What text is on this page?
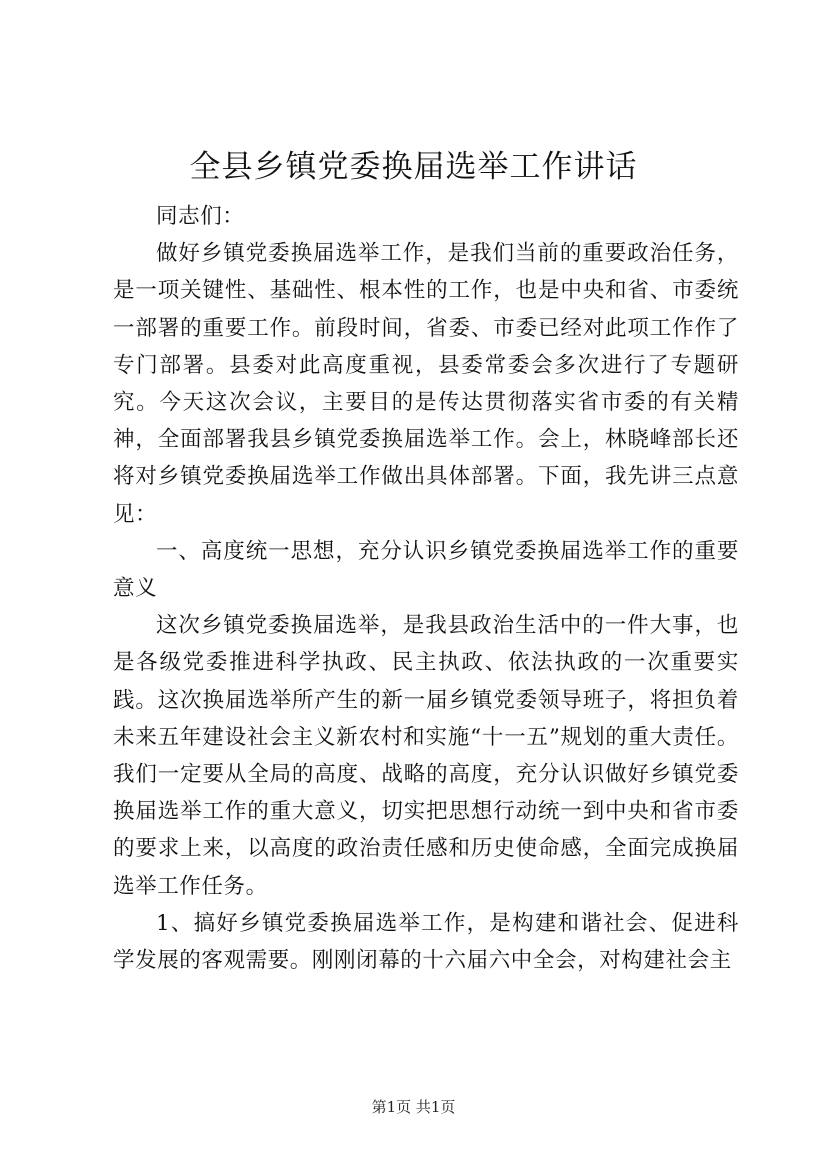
全县乡镇党委换届选举工作讲话

同志们：

做好乡镇党委换届选举工作，是我们当前的重要政治任务，是一项关键性、基础性、根本性的工作，也是中央和省、市委统一部署的重要工作。前段时间，省委、市委已经对此项工作作了专门部署。县委对此高度重视，县委常委会多次进行了专题研究。今天这次会议，主要目的是传达贯彻落实省市委的有关精神，全面部署我县乡镇党委换届选举工作。会上，林晓峰部长还将对乡镇党委换届选举工作做出具体部署。下面，我先讲三点意见：

一、高度统一思想，充分认识乡镇党委换届选举工作的重要意义

这次乡镇党委换届选举，是我县政治生活中的一件大事，也是各级党委推进科学执政、民主执政、依法执政的一次重要实践。这次换届选举所产生的新一届乡镇党委领导班子，将担负着未来五年建设社会主义新农村和实施“十一五”规划的重大责任。我们一定要从全局的高度、战略的高度，充分认识做好乡镇党委换届选举工作的重大意义，切实把思想行动统一到中央和省市委的要求上来，以高度的政治责任感和历史使命感，全面完成换届选举工作任务。

1、搞好乡镇党委换届选举工作，是构建和谐社会、促进科学发展的客观需要。刚刚闭幕的十六届六中全会，对构建社会主

第1页 共1页
